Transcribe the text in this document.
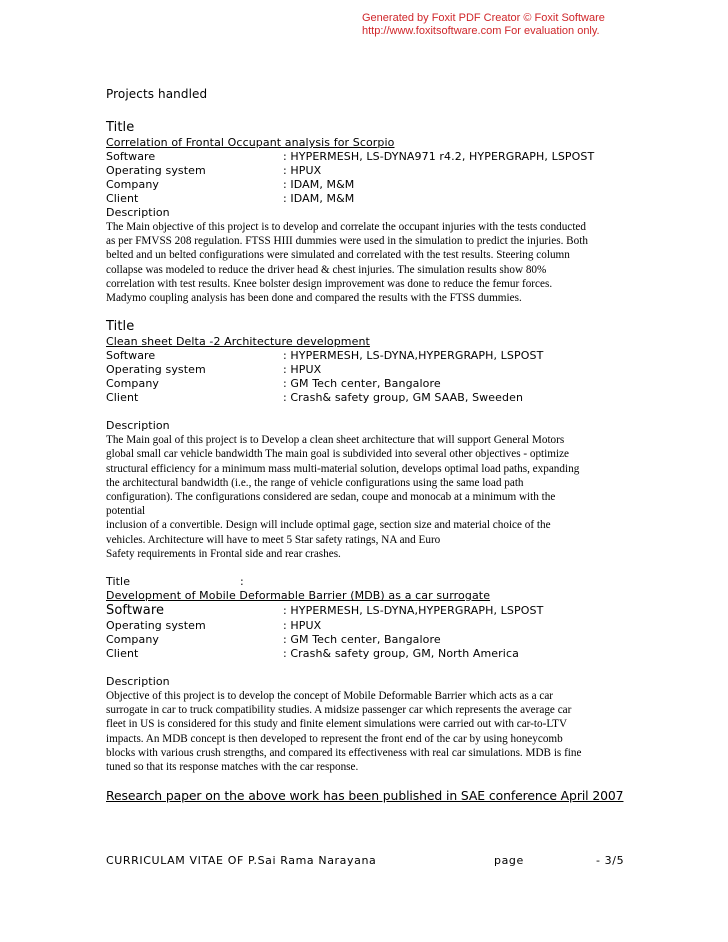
Generated by Foxit PDF Creator © Foxit Software
http://www.foxitsoftware.com For evaluation only.
Projects handled
Title
Correlation of Frontal Occupant analysis for Scorpio
Software	: HYPERMESH, LS-DYNA971 r4.2, HYPERGRAPH, LSPOST
Operating system	: HPUX
Company	: IDAM, M&M
Client	: IDAM, M&M
Description
The Main objective of this project is to develop and correlate the occupant injuries with the tests conducted
as per FMVSS 208 regulation. FTSS HIII dummies were used in the simulation to predict the injuries. Both
belted and un belted configurations were simulated and correlated with the test results. Steering column
collapse was modeled to reduce the driver head & chest injuries. The simulation results show 80%
correlation with test results. Knee bolster design improvement was done to reduce the femur forces.
Madymo coupling analysis has been done and compared the results with the FTSS dummies.
Title
Clean sheet Delta -2 Architecture development
Software	: HYPERMESH, LS-DYNA,HYPERGRAPH, LSPOST
Operating system	: HPUX
Company	: GM Tech center, Bangalore
Client	: Crash& safety group, GM SAAB, Sweeden
Description
The Main goal of this project is to Develop a clean sheet architecture that will support General Motors
global small car vehicle bandwidth The main goal is subdivided into several other objectives - optimize
structural efficiency for a minimum mass multi-material solution, develops optimal load paths, expanding
the architectural bandwidth (i.e., the range of vehicle configurations using the same load path
configuration). The configurations considered are sedan, coupe and monocab at a minimum with the
potential
inclusion of a convertible. Design will include optimal gage, section size and material choice of the
vehicles. Architecture will have to meet 5 Star safety ratings, NA and Euro
Safety requirements in Frontal side and rear crashes.
Title	:
Development of Mobile Deformable Barrier (MDB) as a car surrogate
Software	: HYPERMESH, LS-DYNA,HYPERGRAPH, LSPOST
Operating system	: HPUX
Company	: GM Tech center, Bangalore
Client	: Crash& safety group, GM, North America
Description
Objective of this project is to develop the concept of Mobile Deformable Barrier which acts as a car
surrogate in car to truck compatibility studies. A midsize passenger car which represents the average car
fleet in US is considered for this study and finite element simulations were carried out with car-to-LTV
impacts. An MDB concept is then developed to represent the front end of the car by using honeycomb
blocks with various crush strengths, and compared its effectiveness with real car simulations. MDB is fine
tuned so that its response matches with the car response.
Research paper on the above work has been published in SAE conference April 2007
CURRICULAM VITAE OF P.Sai Rama Narayana	page	- 3/5
